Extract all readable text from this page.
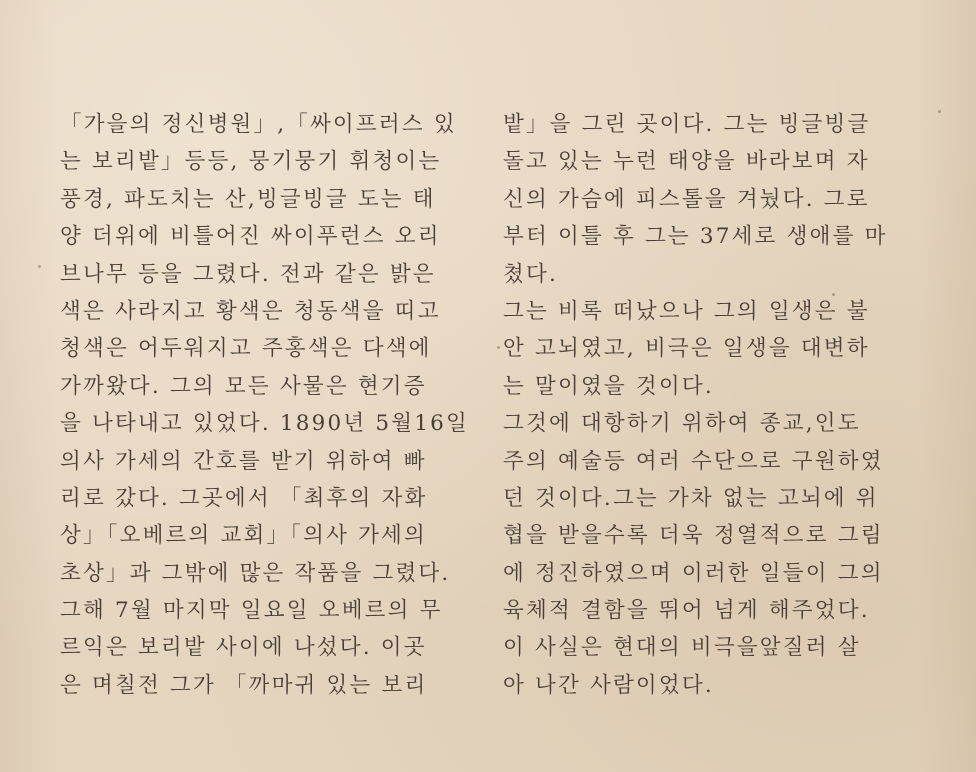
「가을의 정신병원」,「싸이프러스 있
는 보리밭」등등, 뭉기뭉기 휘청이는
풍경, 파도치는 산,빙글빙글 도는 태
양 더위에 비틀어진 싸이푸런스 오리
브나무 등을 그렸다. 전과 같은 밝은
색은 사라지고 황색은 청동색을 띠고
청색은 어두워지고 주홍색은 다색에
가까왔다. 그의 모든 사물은 현기증
을 나타내고 있었다. 1890년 5월16일
의사 가세의 간호를 받기 위하여 빠
리로 갔다. 그곳에서 「최후의 자화
상」「오베르의 교회」「의사 가세의
초상」과 그밖에 많은 작품을 그렸다.
그해 7월 마지막 일요일 오베르의 무
르익은 보리밭 사이에 나섰다. 이곳
은 며칠전 그가 「까마귀 있는 보리
밭」을 그린 곳이다. 그는 빙글빙글
돌고 있는 누런 태양을 바라보며 자
신의 가슴에 피스톨을 겨눴다. 그로
부터 이틀 후 그는 37세로 생애를 마
쳤다.
그는 비록 떠났으나 그의 일생은 불
안 고뇌였고, 비극은 일생을 대변하
는 말이였을 것이다.
그것에 대항하기 위하여 종교,인도
주의 예술등 여러 수단으로 구원하였
던 것이다.그는 가차 없는 고뇌에 위
협을 받을수록 더욱 정열적으로 그림
에 정진하였으며 이러한 일들이 그의
육체적 결함을 뛰어 넘게 해주었다.
이 사실은 현대의 비극을앞질러 살
아 나간 사람이었다.
